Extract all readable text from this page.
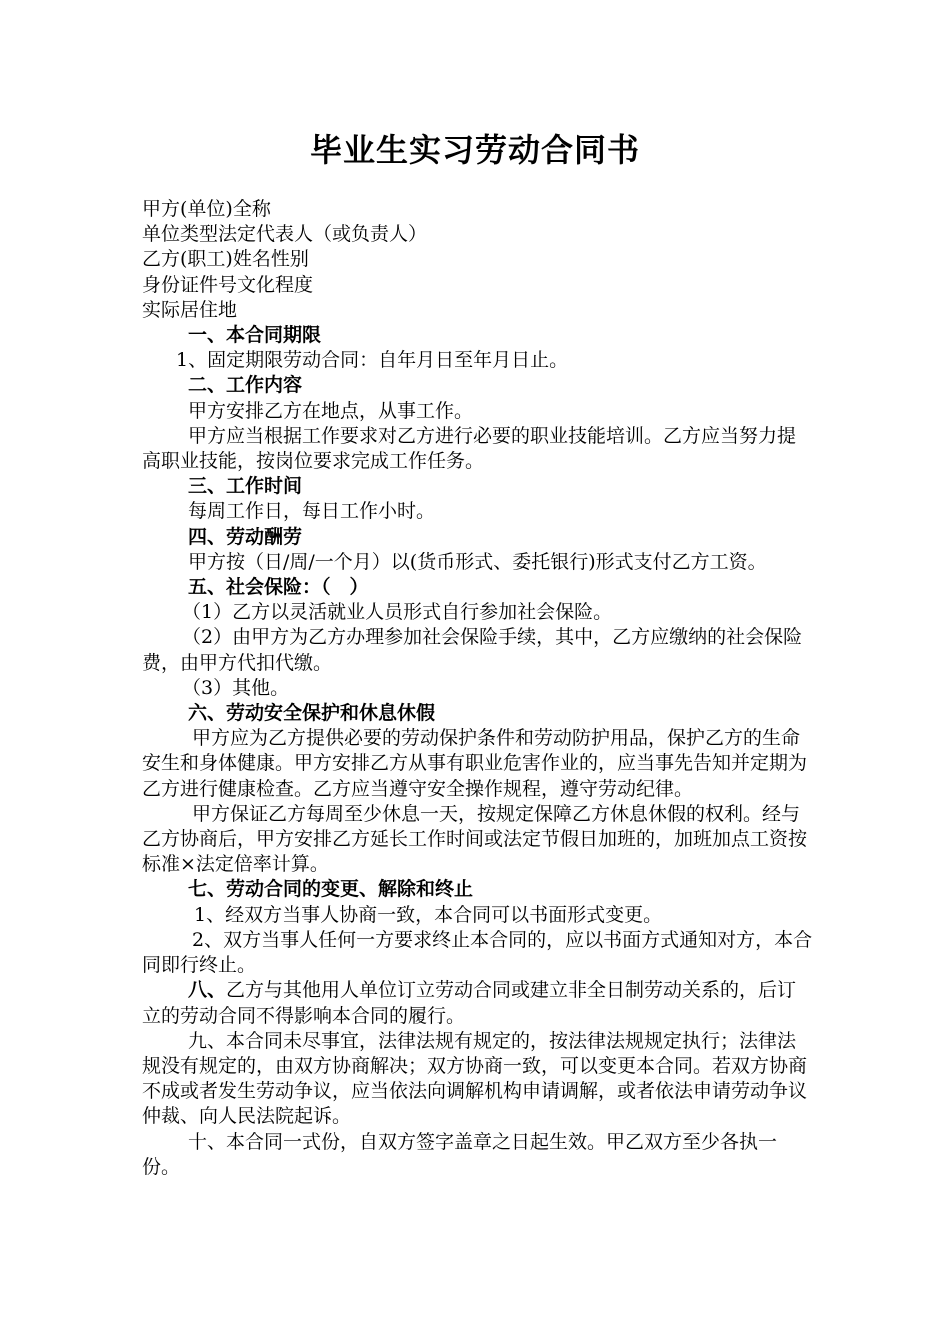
毕业生实习劳动合同书

甲方(单位)全称

单位类型法定代表人（或负责人）

乙方(职工)姓名性别

身份证件号文化程度

实际居住地

一、本合同期限

1、固定期限劳动合同：自年月日至年月日止。

二、工作内容

甲方安排乙方在地点，从事工作。

甲方应当根据工作要求对乙方进行必要的职业技能培训。乙方应当努力提高职业技能，按岗位要求完成工作任务。

三、工作时间

每周工作日，每日工作小时。

四、劳动酬劳

甲方按（日/周/一个月）以(货币形式、委托银行)形式支付乙方工资。

五、社会保险：（　）

（1）乙方以灵活就业人员形式自行参加社会保险。

（2）由甲方为乙方办理参加社会保险手续，其中，乙方应缴纳的社会保险费，由甲方代扣代缴。

（3）其他。

六、劳动安全保护和休息休假

甲方应为乙方提供必要的劳动保护条件和劳动防护用品，保护乙方的生命安生和身体健康。甲方安排乙方从事有职业危害作业的，应当事先告知并定期为乙方进行健康检查。乙方应当遵守安全操作规程，遵守劳动纪律。

甲方保证乙方每周至少休息一天，按规定保障乙方休息休假的权利。经与乙方协商后，甲方安排乙方延长工作时间或法定节假日加班的，加班加点工资按标准×法定倍率计算。

七、劳动合同的变更、解除和终止

1、经双方当事人协商一致，本合同可以书面形式变更。

2、双方当事人任何一方要求终止本合同的，应以书面方式通知对方，本合同即行终止。

八、乙方与其他用人单位订立劳动合同或建立非全日制劳动关系的，后订立的劳动合同不得影响本合同的履行。

九、本合同未尽事宜，法律法规有规定的，按法律法规规定执行；法律法规没有规定的，由双方协商解决；双方协商一致，可以变更本合同。若双方协商不成或者发生劳动争议，应当依法向调解机构申请调解，或者依法申请劳动争议仲裁、向人民法院起诉。

十、本合同一式份，自双方签字盖章之日起生效。甲乙双方至少各执一份。
